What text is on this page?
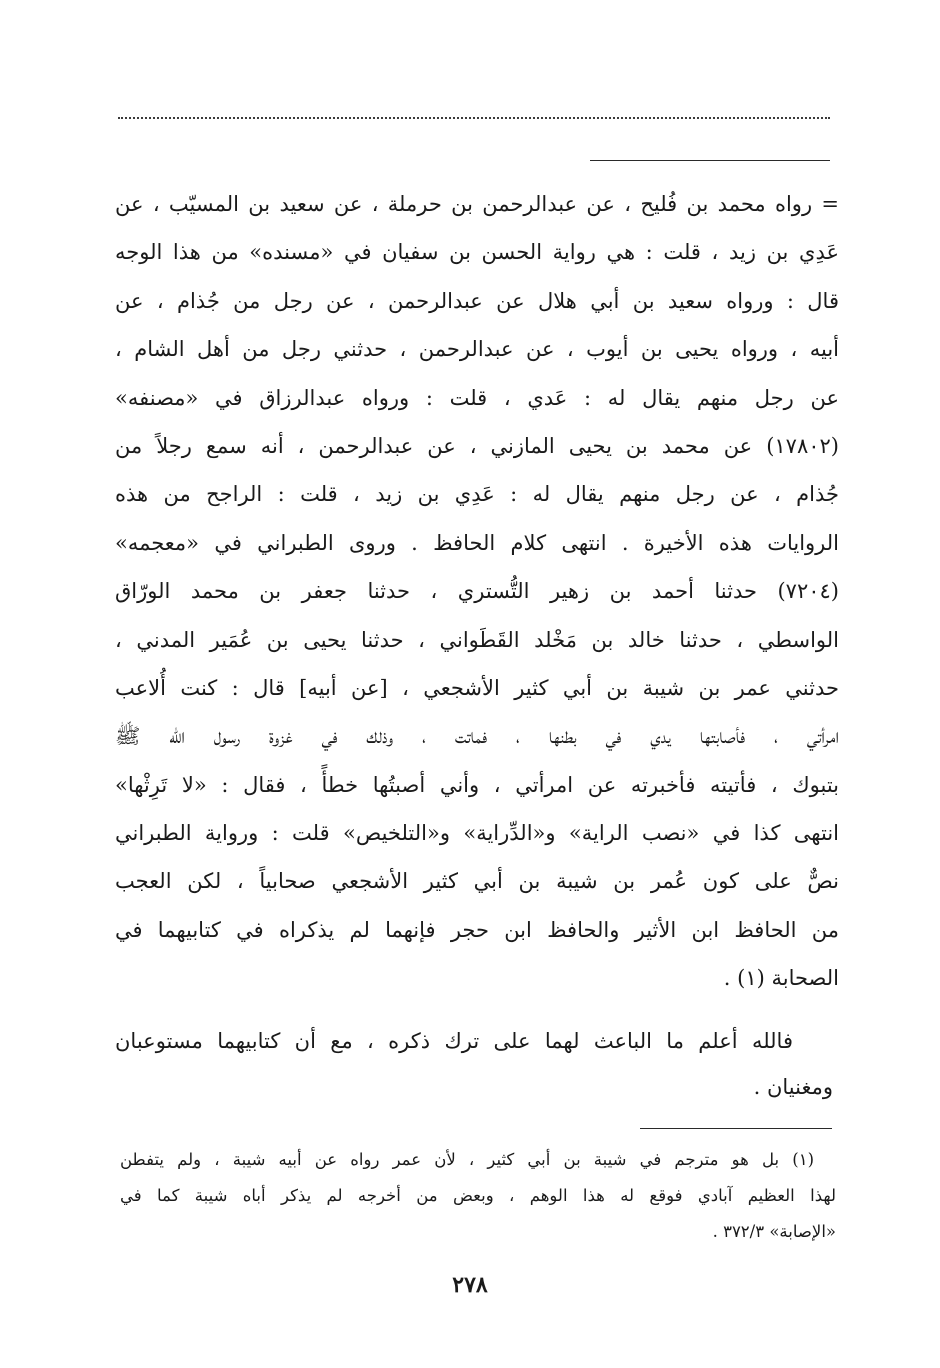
= رواه محمد بن فُليح ، عن عبدالرحمن بن حرملة ، عن سعيد بن المسيّب ، عن
عَدِي بن زيد ، قلت : هي رواية الحسن بن سفيان في «مسنده» من هذا الوجه
قال : ورواه سعيد بن أبي هلال عن عبدالرحمن ، عن رجل من جُذام ، عن
أبيه ، ورواه يحيى بن أيوب ، عن عبدالرحمن ، حدثني رجل من أهل الشام ،
عن رجل منهم يقال له : عَدي ، قلت : ورواه عبدالرزاق في «مصنفه»
(١٧٨٠٢) عن محمد بن يحيى المازني ، عن عبدالرحمن ، أنه سمع رجلاً من
جُذام ، عن رجل منهم يقال له : عَدِي بن زيد ، قلت : الراجح من هذه
الروايات هذه الأخيرة . انتهى كلام الحافظ . وروى الطبراني في «معجمه»
(٧٢٠٤) حدثنا أحمد بن زهير التُّستري ، حدثنا جعفر بن محمد الورّاق
الواسطي ، حدثنا خالد بن مَخْلد القَطَواني ، حدثنا يحيى بن عُمَير المدني ،
حدثني عمر بن شيبة بن أبي كثير الأشجعي ، [عن أبيه] قال : كنت أُلاعب
امرأتي ، فأصابتها يدي في بطنها ، فماتت ، وذلك في غزوة رسول الله ﷺ
بتبوك ، فأتيته فأخبرته عن امرأتي ، وأني أصبتُها خطأً ، فقال : «لا تَرِثْها»
انتهى كذا في «نصب الراية» و«الدِّراية» و«التلخيص» قلت : ورواية الطبراني
نصٌّ على كون عُمر بن شيبة بن أبي كثير الأشجعي صحابياً ، لكن العجب
من الحافظ ابن الأثير والحافظ ابن حجر فإنهما لم يذكراه في كتابيهما في
الصحابة (١) .
فالله أعلم ما الباعث لهما على ترك ذكره ، مع أن كتابيهما مستوعبان
ومغنيان .
(١) بل هو مترجم في شيبة بن أبي كثير ، لأن عمر رواه عن أبيه شيبة ، ولم يتفطن
لهذا العظيم آبادي فوقع له هذا الوهم ، وبعض من أخرجه لم يذكر أباه شيبة كما في
«الإصابة» ٣٧٢/٣ .
٢٧٨
